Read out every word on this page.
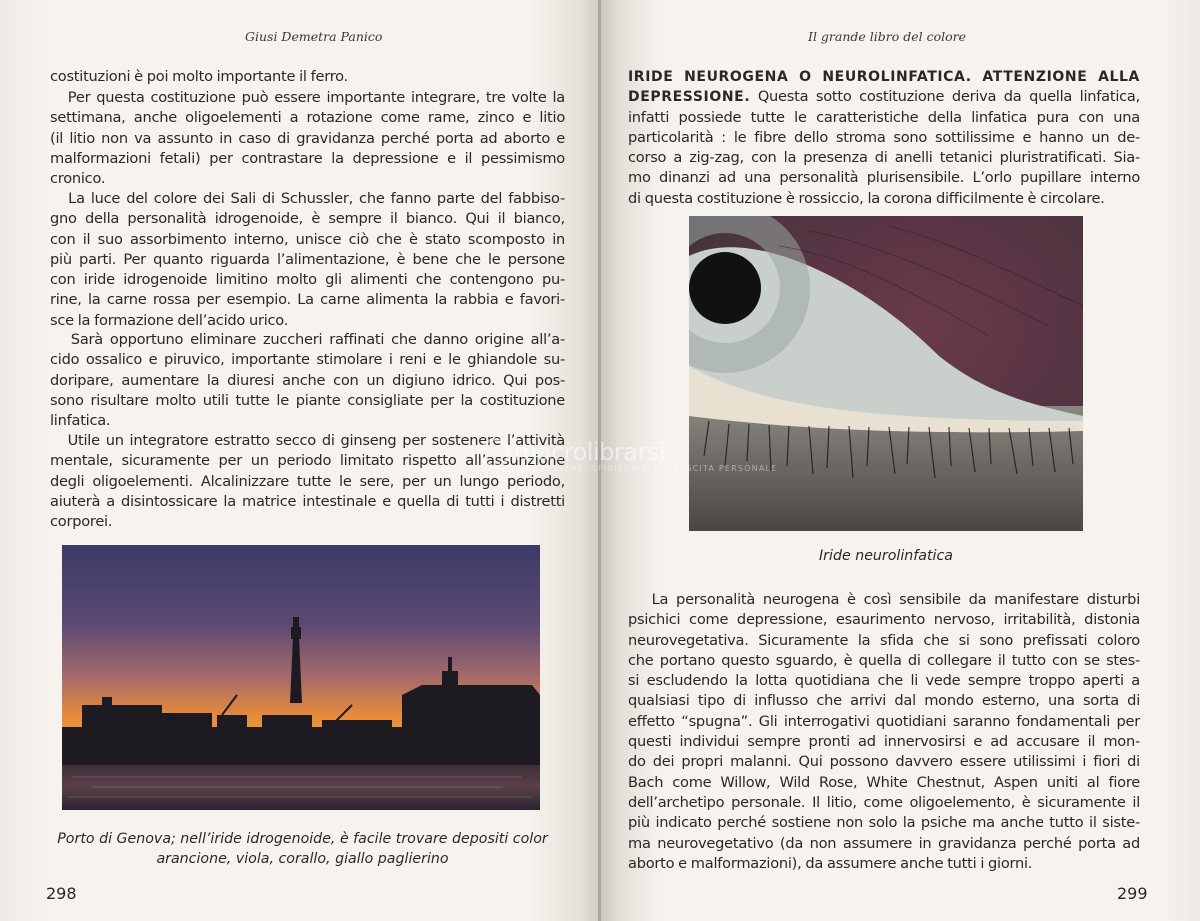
Giusi Demetra Panico
costituzioni è poi molto importante il ferro.
Per questa costituzione può essere importante integrare, tre volte la
settimana, anche oligoelementi a rotazione come rame, zinco e litio
(il litio non va assunto in caso di gravidanza perché porta ad aborto e
malformazioni fetali) per contrastare la depressione e il pessimismo
cronico.
La luce del colore dei Sali di Schussler, che fanno parte del fabbiso-
gno della personalità idrogenoide, è sempre il bianco. Qui il bianco,
con il suo assorbimento interno, unisce ciò che è stato scomposto in
più parti. Per quanto riguarda l’alimentazione, è bene che le persone
con iride idrogenoide limitino molto gli alimenti che contengono pu-
rine, la carne rossa per esempio. La carne alimenta la rabbia e favori-
sce la formazione dell’acido urico.
Sarà opportuno eliminare zuccheri raffinati che danno origine all’a-
cido ossalico e piruvico, importante stimolare i reni e le ghiandole su-
doripare, aumentare la diuresi anche con un digiuno idrico. Qui pos-
sono risultare molto utili tutte le piante consigliate per la costituzione
linfatica.
Utile un integratore estratto secco di ginseng per sostenere l’attività
mentale, sicuramente per un periodo limitato rispetto all’assunzione
degli oligoelementi. Alcalinizzare tutte le sere, per un lungo periodo,
aiuterà a disintossicare la matrice intestinale e quella di tutti i distretti
corporei.

Porto di Genova; nell’iride idrogenoide, è facile trovare depositi color
arancione, viola, corallo, giallo paglierino

298
Il grande libro del colore
IRIDE NEUROGENA O NEUROLINFATICA. ATTENZIONE ALLA
DEPRESSIONE. Questa sotto costituzione deriva da quella linfatica,
infatti possiede tutte le caratteristiche della linfatica pura con una
particolarità : le fibre dello stroma sono sottilissime e hanno un de-
corso a zig-zag, con la presenza di anelli tetanici pluristratificati. Sia-
mo dinanzi ad una personalità plurisensibile. L’orlo pupillare interno
di questa costituzione è rossiccio, la corona difficilmente è circolare.

Iride neurolinfatica

La personalità neurogena è così sensibile da manifestare disturbi
psichici come depressione, esaurimento nervoso, irritabilità, distonia
neurovegetativa. Sicuramente la sfida che si sono prefissati coloro
che portano questo sguardo, è quella di collegare il tutto con se stes-
si escludendo la lotta quotidiana che li vede sempre troppo aperti a
qualsiasi tipo di influsso che arrivi dal mondo esterno, una sorta di
effetto “spugna”. Gli interrogativi quotidiani saranno fondamentali per
questi individui sempre pronti ad innervosirsi e ad accusare il mon-
do dei propri malanni. Qui possono davvero essere utilissimi i fiori di
Bach come Willow, Wild Rose, White Chestnut, Aspen uniti al fiore
dell’archetipo personale. Il litio, come oligoelemento, è sicuramente il
più indicato perché sostiene non solo la psiche ma anche tutto il siste-
ma neurovegetativo (da non assumere in gravidanza perché porta ad
aborto e malformazioni), da assumere anche tutti i giorni.
299
macrolibrarsi
BENESSERE, SPIRITUALITÀ, CRESCITA PERSONALE
